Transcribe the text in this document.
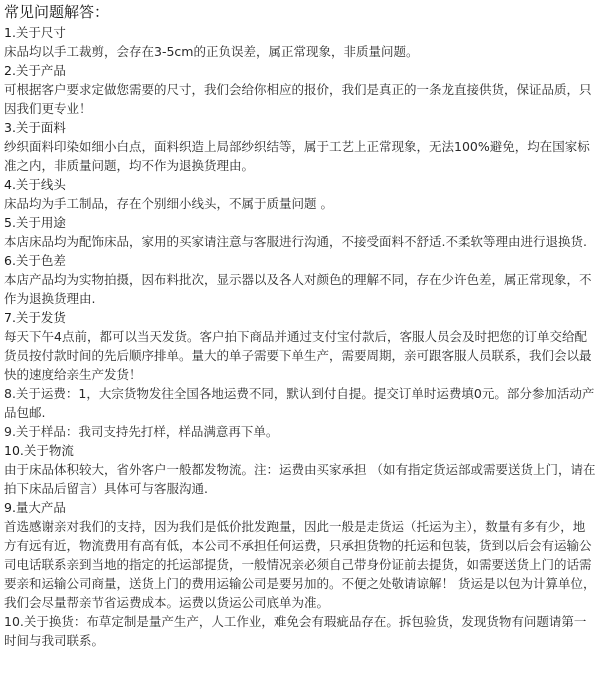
常见问题解答：
1.关于尺寸
床品均以手工裁剪，会存在3-5cm的正负误差，属正常现象，非质量问题。
2.关于产品
可根据客户要求定做您需要的尺寸，我们会给你相应的报价，我们是真正的一条龙直接供货，保证品质，只因我们更专业！
3.关于面料
纱织面料印染如细小白点，面料织造上局部纱织结等，属于工艺上正常现象，无法100%避免，均在国家标准之内，非质量问题，均不作为退换货理由。
4.关于线头
床品均为手工制品，存在个别细小线头，不属于质量问题 。
5.关于用途
本店床品均为配饰床品，家用的买家请注意与客服进行沟通，不接受面料不舒适.不柔软等理由进行退换货.
6.关于色差
本店产品均为实物拍摄，因布料批次，显示器以及各人对颜色的理解不同，存在少许色差，属正常现象，不作为退换货理由.
7.关于发货
每天下午4点前，都可以当天发货。客户拍下商品并通过支付宝付款后，客服人员会及时把您的订单交给配货员按付款时间的先后顺序排单。量大的单子需要下单生产，需要周期，亲可跟客服人员联系，我们会以最快的速度给亲生产发货！
8.关于运费：1，大宗货物发往全国各地运费不同，默认到付自提。提交订单时运费填0元。部分参加活动产品包邮.
9.关于样品：我司支持先打样，样品满意再下单。
10.关于物流
由于床品体积较大，省外客户一般都发物流。注：运费由买家承担 （如有指定货运部或需要送货上门，请在拍下床品后留言）具体可与客服沟通.
9.量大产品
首选感谢亲对我们的支持，因为我们是低价批发跑量，因此一般是走货运（托运为主），数量有多有少，地方有远有近，物流费用有高有低，本公司不承担任何运费，只承担货物的托运和包装，货到以后会有运输公司电话联系亲到当地的指定的托运部提货，一般情况亲必须自己带身份证前去提货，如需要送货上门的话需要亲和运输公司商量，送货上门的费用运输公司是要另加的。不便之处敬请谅解！ 货运是以包为计算单位，我们会尽量帮亲节省运费成本。运费以货运公司底单为准。
10.关于换货：布草定制是量产生产，人工作业，难免会有瑕疵品存在。拆包验货，发现货物有问题请第一时间与我司联系。
